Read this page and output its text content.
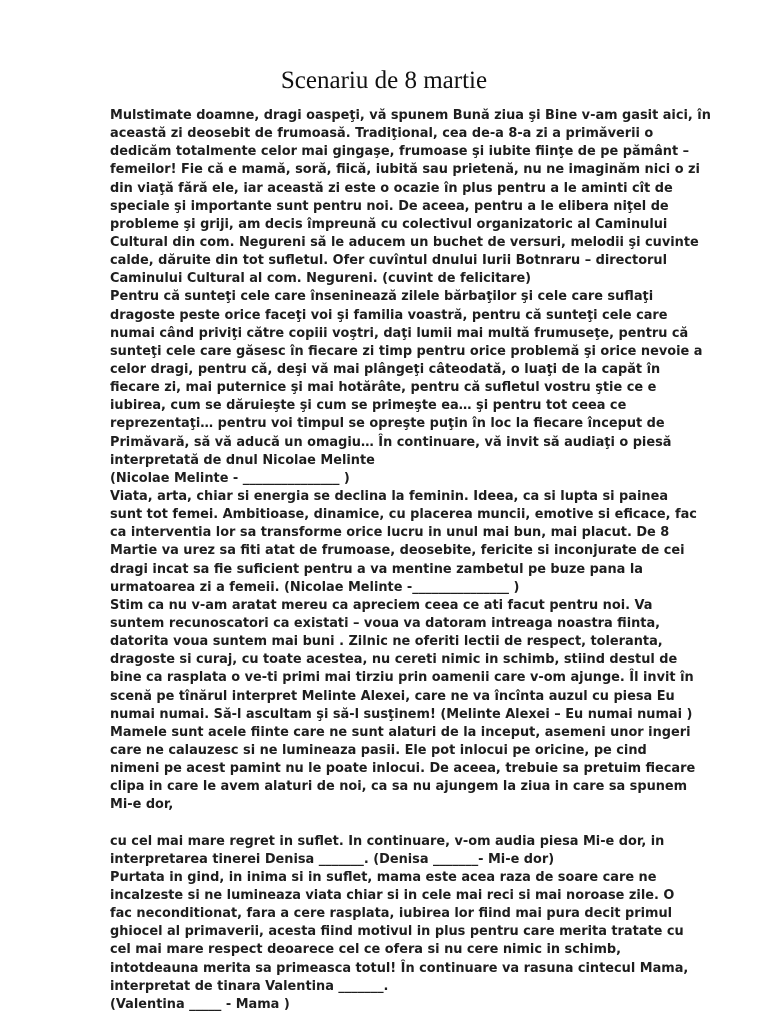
Scenariu de 8 martie
Mulstimate doamne, dragi oaspeţi, vă spunem Bună ziua şi Bine v-am gasit aici, în
această zi deosebit de frumoasă. Tradiţional, cea de-a 8-a zi a primăverii o
dedicăm totalmente celor mai gingaşe, frumoase şi iubite fiinţe de pe pământ –
femeilor! Fie că e mamă, soră, fiică, iubită sau prietenă, nu ne imaginăm nici o zi
din viaţă fără ele, iar această zi este o ocazie în plus pentru a le aminti cît de
speciale şi importante sunt pentru noi. De aceea, pentru a le elibera niţel de
probleme şi griji, am decis împreună cu colectivul organizatoric al Caminului
Cultural din com. Negureni să le aducem un buchet de versuri, melodii şi cuvinte
calde, dăruite din tot sufletul. Ofer cuvîntul dnului Iurii Botnraru – directorul
Caminului Cultural al com. Negureni. (cuvint de felicitare)
Pentru că sunteţi cele care înseninează zilele bărbaţilor şi cele care suflaţi
dragoste peste orice faceţi voi şi familia voastră, pentru că sunteţi cele care
numai când priviţi către copiii voştri, daţi lumii mai multă frumuseţe, pentru că
sunteţi cele care găsesc în fiecare zi timp pentru orice problemă şi orice nevoie a
celor dragi, pentru că, deşi vă mai plângeţi câteodată, o luaţi de la capăt în
fiecare zi, mai puternice şi mai hotărâte, pentru că sufletul vostru ştie ce e
iubirea, cum se dăruieşte şi cum se primeşte ea… şi pentru tot ceea ce
reprezentaţi… pentru voi timpul se opreşte puţin în loc la fiecare început de
Primăvară, să vă aducă un omagiu… În continuare, vă invit să audiaţi o piesă
interpretată de dnul Nicolae Melinte
(Nicolae Melinte - _______________ )
Viata, arta, chiar si energia se declina la feminin. Ideea, ca si lupta si painea
sunt tot femei. Ambitioase, dinamice, cu placerea muncii, emotive si eficace, fac
ca interventia lor sa transforme orice lucru in unul mai bun, mai placut. De 8
Martie va urez sa fiti atat de frumoase, deosebite, fericite si inconjurate de cei
dragi incat sa fie suficient pentru a va mentine zambetul pe buze pana la
urmatoarea zi a femeii. (Nicolae Melinte -_______________ )
Stim ca nu v-am aratat mereu ca apreciem ceea ce ati facut pentru noi. Va
suntem recunoscatori ca existati – voua va datoram intreaga noastra fiinta,
datorita voua suntem mai buni . Zilnic ne oferiti lectii de respect, toleranta,
dragoste si curaj, cu toate acestea, nu cereti nimic in schimb, stiind destul de
bine ca rasplata o ve-ti primi mai tirziu prin oamenii care v-om ajunge. Îl invit în
scenă pe tînărul interpret Melinte Alexei, care ne va încînta auzul cu piesa Eu
numai numai. Să-l ascultam şi să-l susţinem! (Melinte Alexei – Eu numai numai )
Mamele sunt acele fiinte care ne sunt alaturi de la inceput, asemeni unor ingeri
care ne calauzesc si ne lumineaza pasii. Ele pot inlocui pe oricine, pe cind
nimeni pe acest pamint nu le poate inlocui. De aceea, trebuie sa pretuim fiecare
clipa in care le avem alaturi de noi, ca sa nu ajungem la ziua in care sa spunem
Mi-e dor,
cu cel mai mare regret in suflet. In continuare, v-om audia piesa Mi-e dor, in
interpretarea tinerei Denisa _______. (Denisa _______- Mi-e dor)
Purtata in gind, in inima si in suflet, mama este acea raza de soare care ne
incalzeste si ne lumineaza viata chiar si in cele mai reci si mai noroase zile. O
fac neconditionat, fara a cere rasplata, iubirea lor fiind mai pura decit primul
ghiocel al primaverii, acesta fiind motivul in plus pentru care merita tratate cu
cel mai mare respect deoarece cel ce ofera si nu cere nimic in schimb,
intotdeauna merita sa primeasca totul! În continuare va rasuna cintecul Mama,
interpretat de tinara Valentina _______.
(Valentina _____ - Mama )
